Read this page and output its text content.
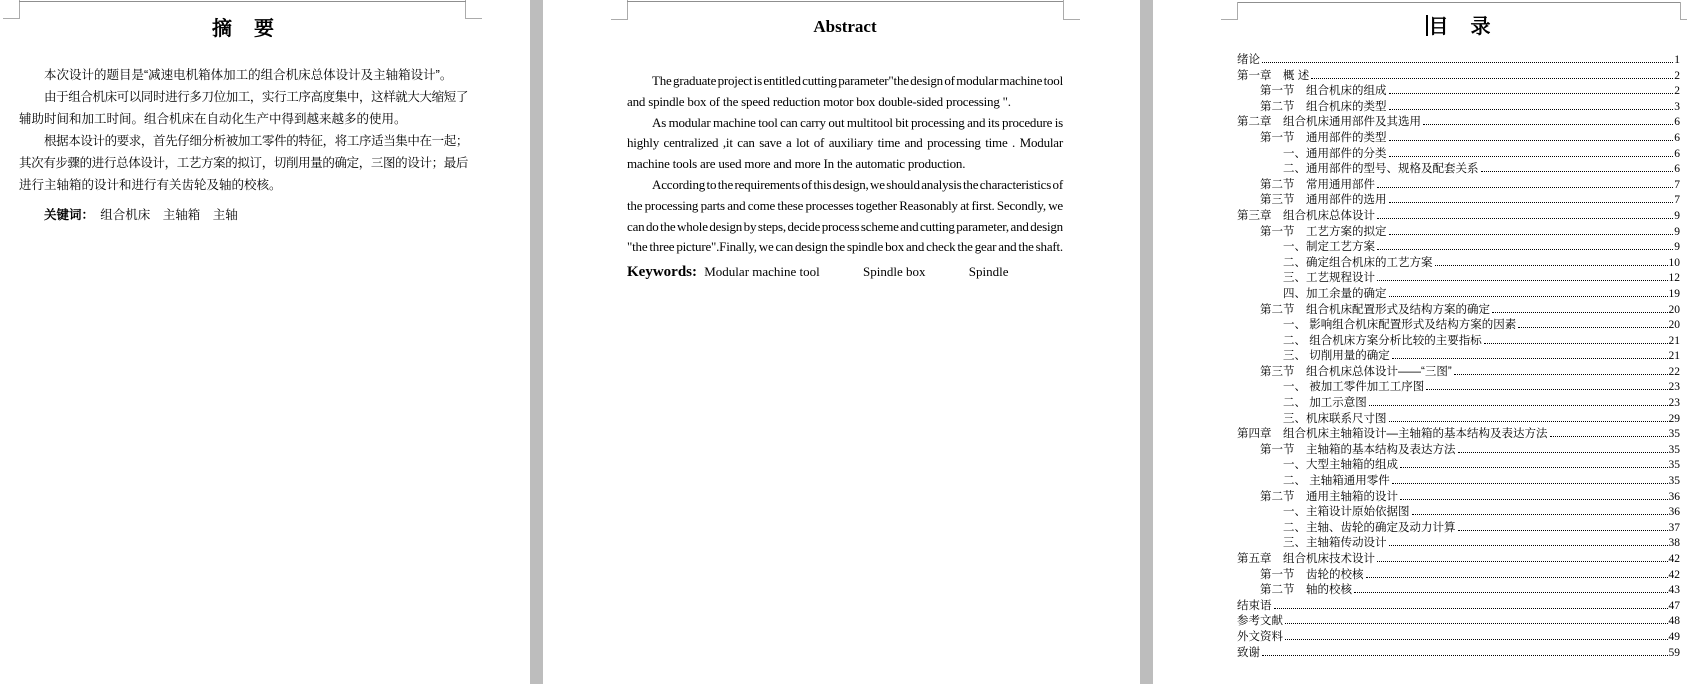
摘　要
本次设计的题目是“减速电机箱体加工的组合机床总体设计及主轴箱设计”。
由于组合机床可以同时进行多刀位加工，实行工序高度集中，这样就大大缩短了
辅助时间和加工时间。组合机床在自动化生产中得到越来越多的使用。
根据本设计的要求，首先仔细分析被加工零件的特征，将工序适当集中在一起；
其次有步骤的进行总体设计，工艺方案的拟订，切削用量的确定，三图的设计；最后
进行主轴箱的设计和进行有关齿轮及轴的校核。
关键词：　组合机床　主轴箱　主轴
Abstract
The graduate project is entitled cutting parameter"the design of modular machine tool
and spindle box of the speed reduction motor box double-sided processing ".
As modular machine tool can carry out multitool bit processing and its procedure is
highly centralized ,it can save a lot of auxiliary time and processing time . Modular
machine tools are used more and more In the automatic production.
According to the requirements of this design, we should analysis the characteristics of
the processing parts and come these processes together Reasonably at first. Secondly, we
can do the whole design by steps, decide process scheme and cutting parameter, and design
"the three picture".Finally, we can design the spindle box and check the gear and the shaft.
Keywords: Modular machine tool	Spindle box	Spindle
目　录
绪论	1
第一章　概 述	2
第一节　组合机床的组成	2
第二节　组合机床的类型	3
第二章　组合机床通用部件及其选用	6
第一节　通用部件的类型	6
一、通用部件的分类	6
二、通用部件的型号、规格及配套关系	6
第二节　常用通用部件	7
第三节　通用部件的选用	7
第三章　组合机床总体设计	9
第一节　工艺方案的拟定	9
一、制定工艺方案	9
二、确定组合机床的工艺方案	10
三、工艺规程设计	12
四、加工余量的确定	19
第二节　组合机床配置形式及结构方案的确定	20
一、 影响组合机床配置形式及结构方案的因素	20
二、 组合机床方案分析比较的主要指标	21
三、 切削用量的确定	21
第三节　组合机床总体设计——“三图”	22
一、 被加工零件加工工序图	23
二、 加工示意图	23
三、机床联系尺寸图	29
第四章　组合机床主轴箱设计—主轴箱的基本结构及表达方法	35
第一节　主轴箱的基本结构及表达方法	35
一、大型主轴箱的组成	35
二、 主轴箱通用零件	35
第二节　通用主轴箱的设计	36
一、主箱设计原始依据图	36
二、主轴、齿轮的确定及动力计算	37
三、主轴箱传动设计	38
第五章　组合机床技术设计	42
第一节　齿轮的校核	42
第二节　轴的校核	43
结束语	47
参考文献	48
外文资料	49
致谢	59
